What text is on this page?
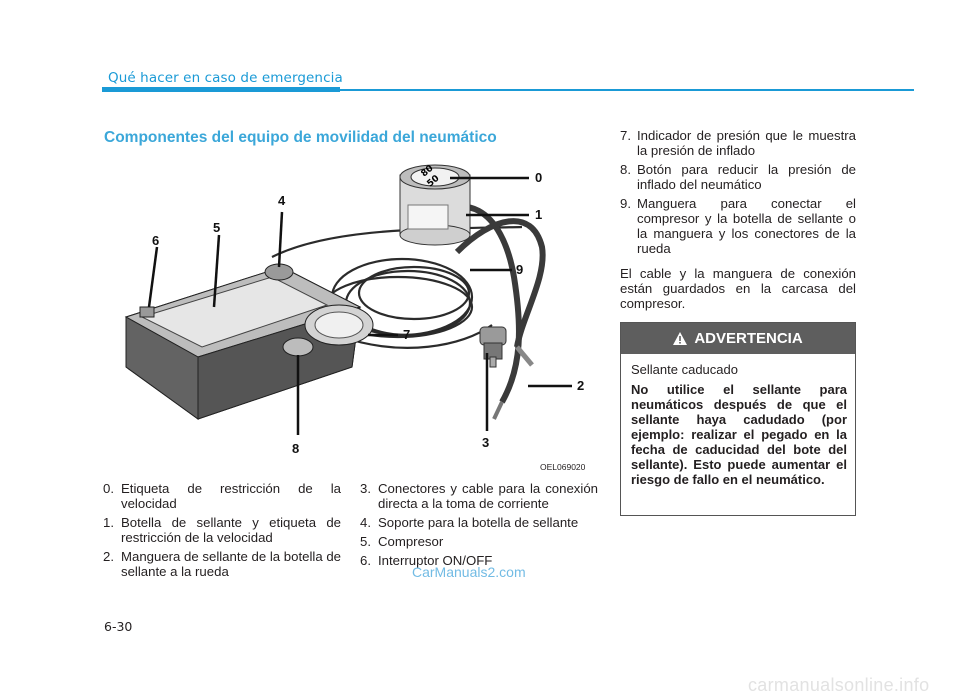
Qué hacer en caso de emergencia
Componentes del equipo de movilidad del neumático
80
50	0
1
9
7
2
3
8
4
5
6
OEL069020
0. Etiqueta de restricción de la velocidad
1. Botella de sellante y etiqueta de restricción de la velocidad
2. Manguera de sellante de la botella de sellante a la rueda
3. Conectores y cable para la conexión directa a la toma de corriente
4. Soporte para la botella de sellante
5. Compresor
6. Interruptor ON/OFF
7. Indicador de presión que le muestra la presión de inflado
8. Botón para reducir la presión de inflado del neumático
9. Manguera para conectar el compresor y la botella de sellante o la manguera y los conectores de la rueda
El cable y la manguera de conexión están guardados en la carcasa del compresor.
ADVERTENCIA
Sellante caducado
No utilice el sellante para neumáticos después de que el sellante haya cadudado (por ejemplo: realizar el pegado en la fecha de caducidad del bote del sellante). Esto puede aumentar el riesgo de fallo en el neumático.
6-30
CarManuals2.com
carmanualsonline.info
